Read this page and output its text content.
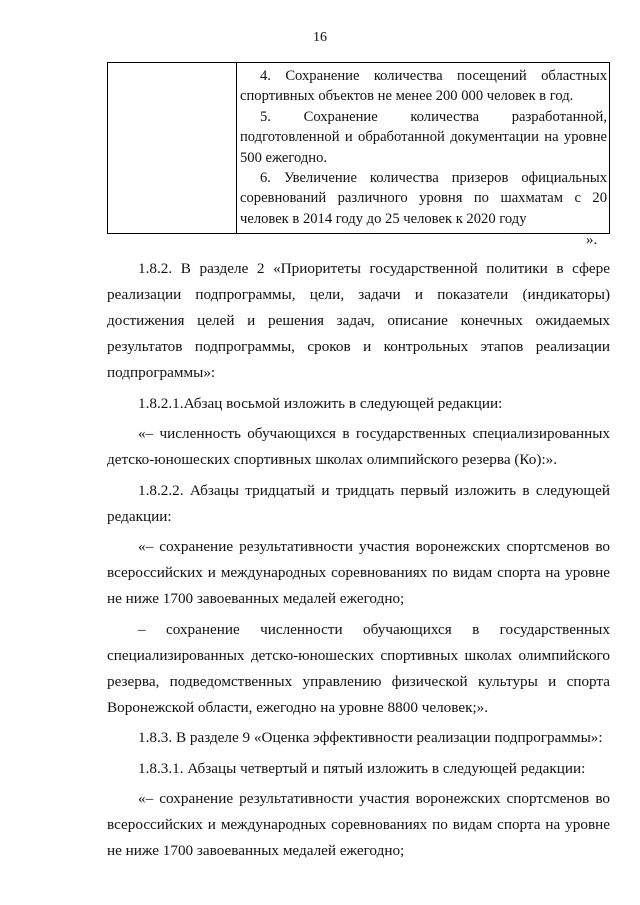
16

4. Сохранение количества посещений областных спортивных объектов не менее 200 000 человек в год.

5. Сохранение количества разработанной, подготовленной и обработанной документации на уровне 500 ежегодно.

6. Увеличение количества призеров официальных соревнований различного уровня по шахматам с 20 человек в 2014 году до 25 человек к 2020 году

».

1.8.2. В разделе 2 «Приоритеты государственной политики в сфере реализации подпрограммы, цели, задачи и показатели (индикаторы) достижения целей и решения задач, описание конечных ожидаемых результатов подпрограммы, сроков и контрольных этапов реализации подпрограммы»:

1.8.2.1.Абзац восьмой изложить в следующей редакции:

«– численность обучающихся в государственных специализированных детско-юношеских спортивных школах олимпийского резерва (Ко):».

1.8.2.2. Абзацы тридцатый и тридцать первый изложить в следующей редакции:

«– сохранение результативности участия воронежских спортсменов во всероссийских и международных соревнованиях по видам спорта на уровне не ниже 1700 завоеванных медалей ежегодно;

– сохранение численности обучающихся в государственных специализированных детско-юношеских спортивных школах олимпийского резерва, подведомственных управлению физической культуры и спорта Воронежской области, ежегодно на уровне 8800 человек;».

1.8.3. В разделе 9 «Оценка эффективности реализации подпрограммы»:

1.8.3.1. Абзацы четвертый и пятый изложить в следующей редакции:

«– сохранение результативности участия воронежских спортсменов во всероссийских и международных соревнованиях по видам спорта на уровне не ниже 1700 завоеванных медалей ежегодно;
